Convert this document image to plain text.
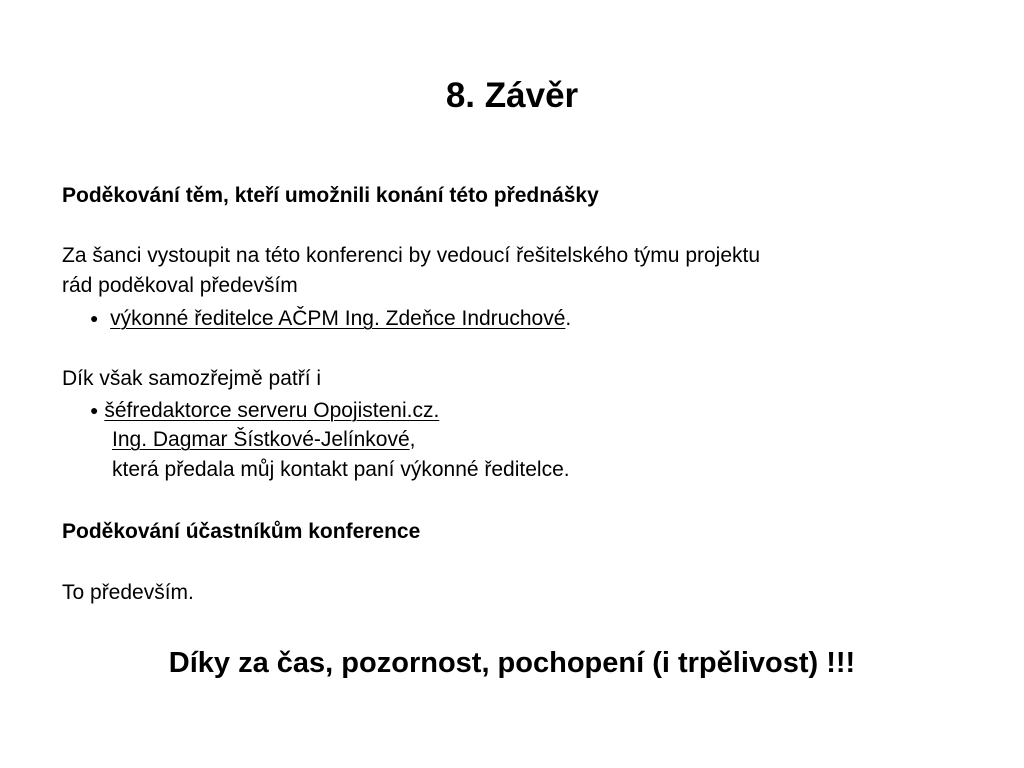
8. Závěr

Poděkování těm, kteří umožnili konání této přednášky

Za šanci vystoupit na této konferenci by vedoucí řešitelského týmu projektu

rád poděkoval především

● výkonné ředitelce AČPM Ing. Zdeňce Indruchové.

Dík však samozřejmě patří i

● šéfredaktorce serveru Opojisteni.cz.
Ing. Dagmar Šístkové-Jelínkové,
která předala můj kontakt paní výkonné ředitelce.

Poděkování účastníkům konference

To především.

Díky za čas, pozornost, pochopení (i trpělivost) !!!
